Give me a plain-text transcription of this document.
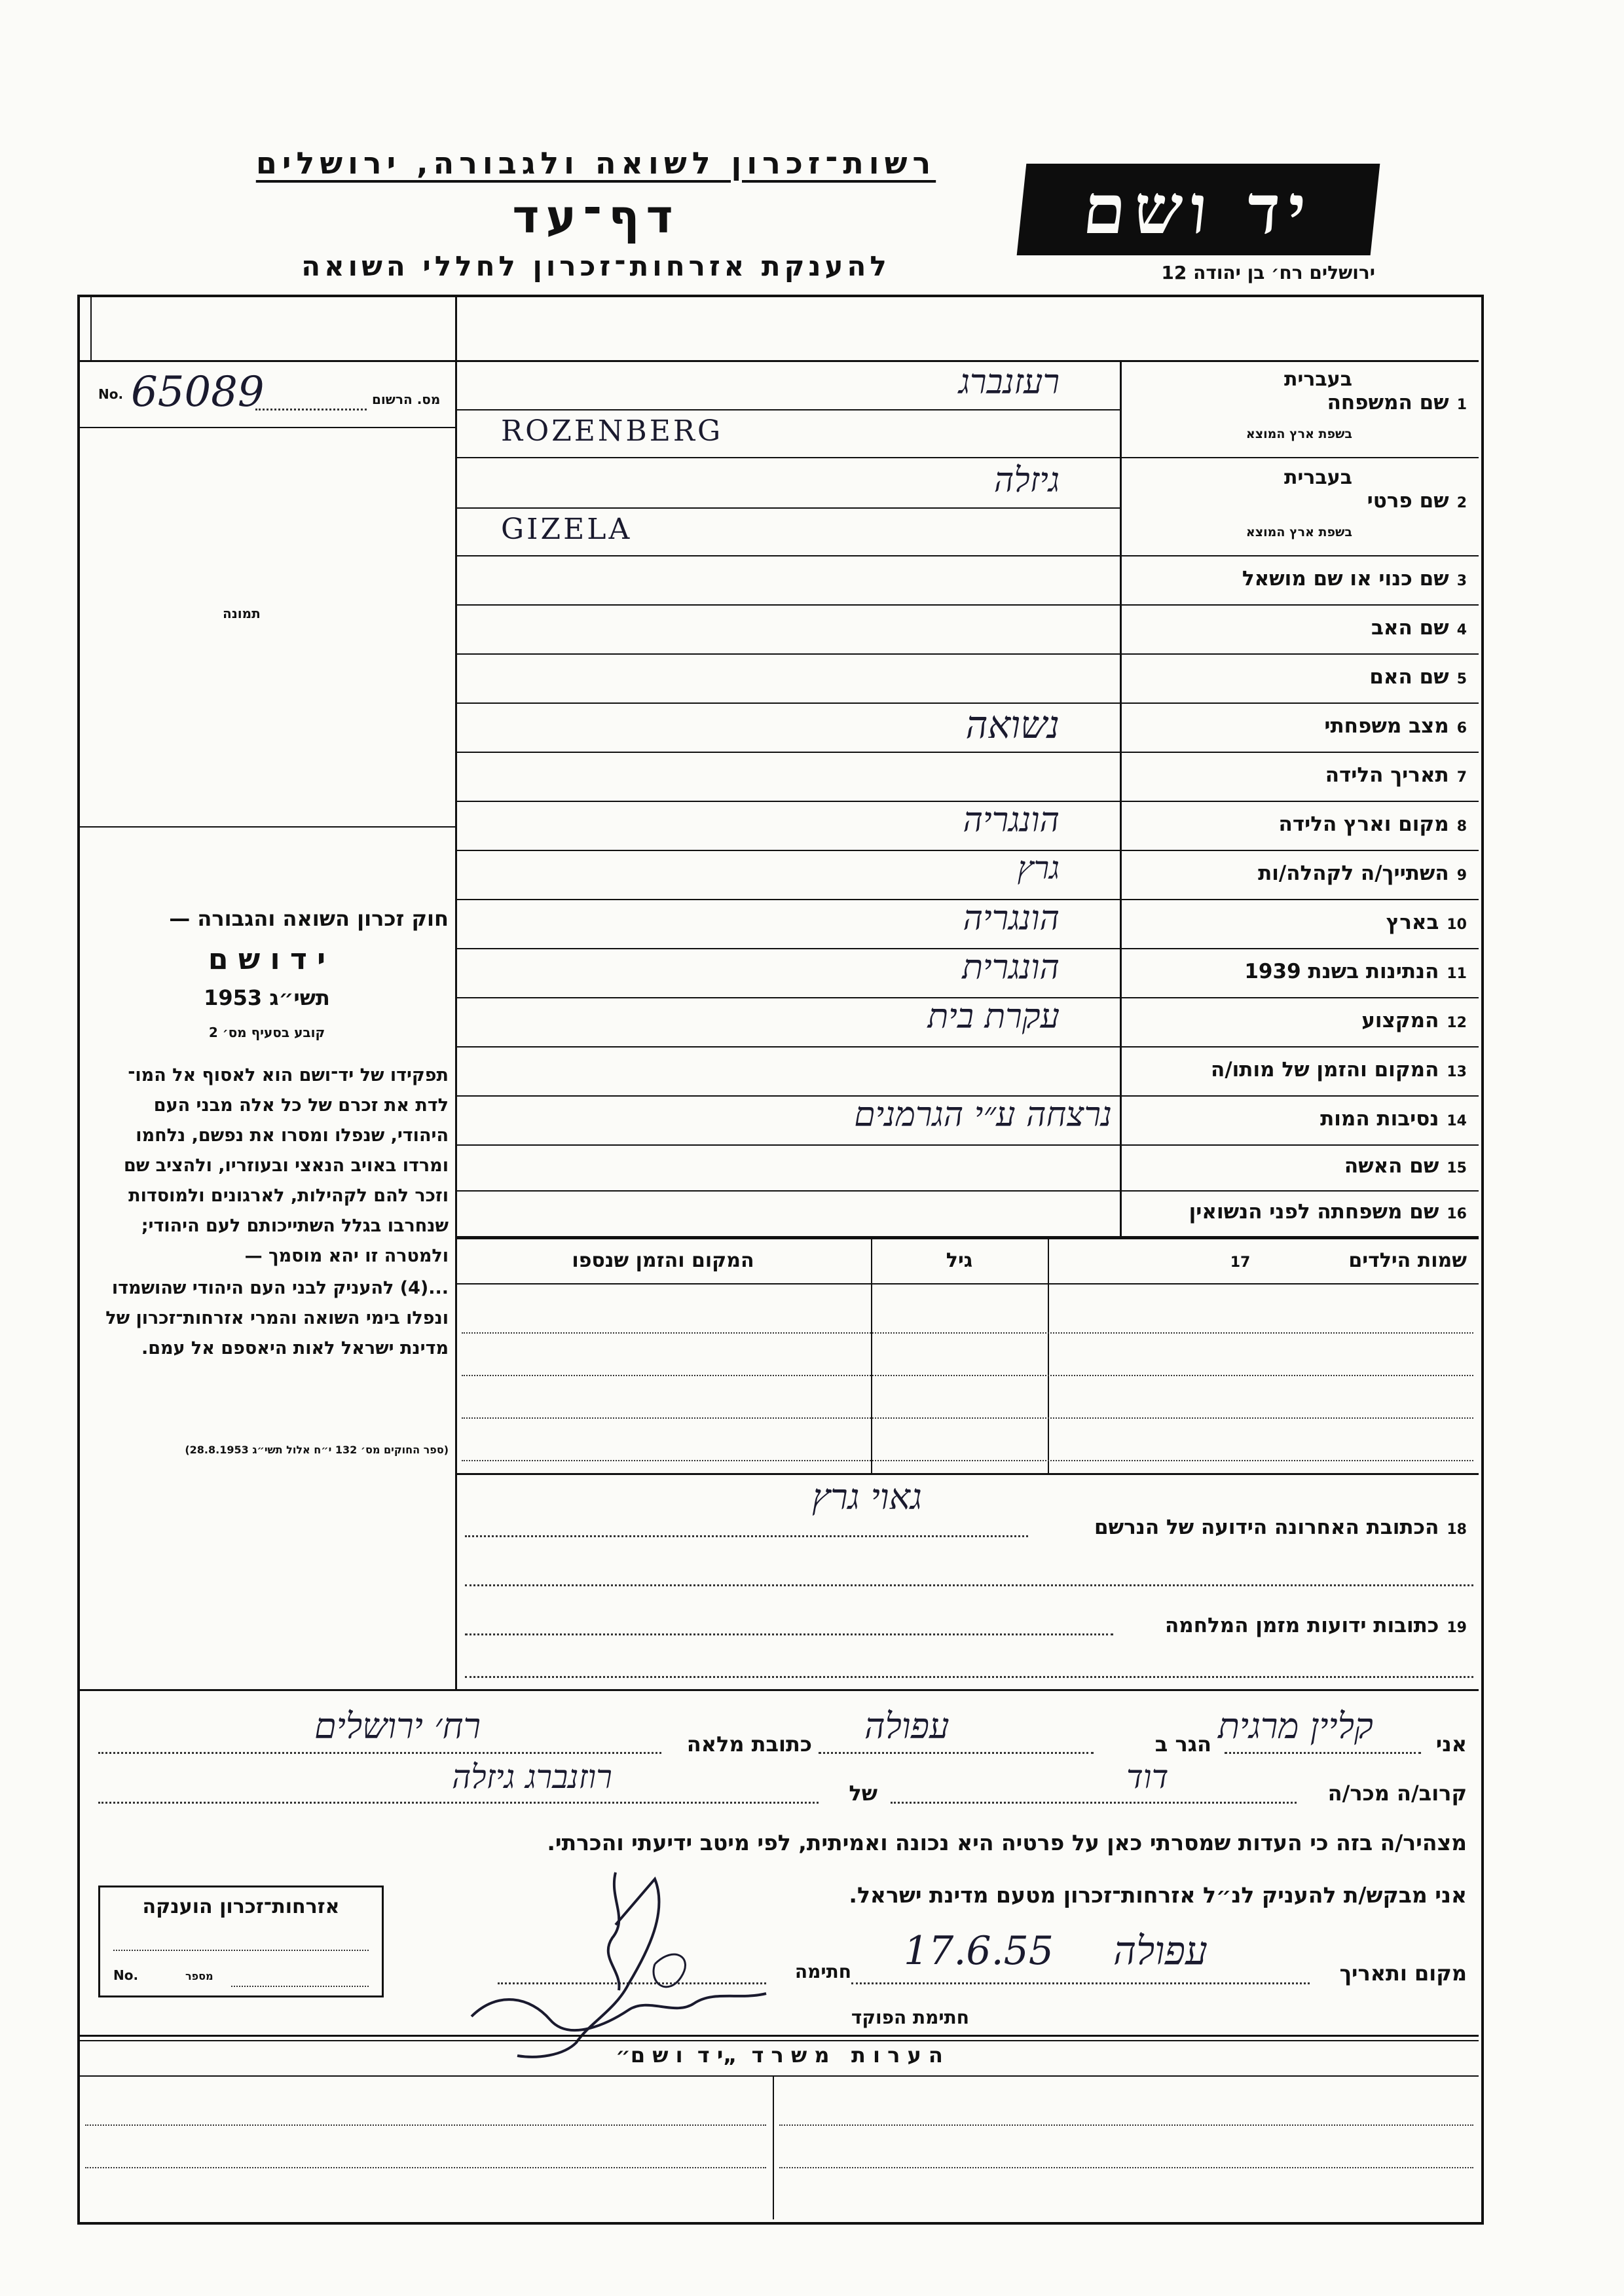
רשות־זכרון לשואה ולגבורה, ירושלים
דף־עד
להענקת אזרחות־זכרון לחללי השואה
יד ושם
ירושלים רח׳ בן יהודה 12
No. 65089	מס. הרשום
תמונה
חוק זכרון השואה והגבורה —
י ד ו ש ם
תשי״ג 1953
קובע בסעיף מס׳ 2
תפקידו של יד־ושם הוא לאסוף אל המו־ לדת את זכרם של כל אלה מבני העם היהודי, שנפלו ומסרו את נפשם, נלחמו ומרדו באויב הנאצי ובעוזריו, ולהציב שם וזכר להם לקהילות, לארגונים ולמוסדות שנחרבו בגלל השתייכותם לעם היהודי; ולמטרה זו יהא מוסמך —
...(4) להעניק לבני העם היהודי שהושמדו ונפלו בימי השואה והמרי אזרחות־זכרון של מדינת ישראל לאות היאספם אל עמם.
(ספר החוקים מס׳ 132 י״ח אלול תשי״ג 28.8.1953)
1שם המשפחה
בעברית
בשפת ארץ המוצא
ROZENBERG
רעזנברג
2שם פרטי
בעברית
בשפת ארץ המוצא
GIZELA
גיזלה
3שם כנוי או שם מושאל
4שם האב
5שם האם
6מצב משפחתי
נשואה
7תאריך הלידה
8מקום וארץ הלידה
הונגריה
9השתייך/ה לקהלה/ות
גרץ
10בארץ
הונגריה
11הנתינות בשנת 1939
הונגרית
12המקצוע
עקרת בית
13המקום והזמן של מותו/ה
14נסיבות המות
נרצחה ע״י הגרמנים
15שם האשה
16שם משפחתה לפני הנשואין
שמות הילדים17
גיל
המקום והזמן שנספו
18הכתובת האחרונה הידועה של הנרשם
גאוי גרץ
19כתובות ידועות מזמן המלחמה
אני
קליין מרגית
הגר ב
עפולה
כתובת מלאה
רח׳ ירושלים
קרוב/ה מכר/ה
דוד
של
רוזנברג גיזלה
מצהיר/ה בזה כי העדות שמסרתי כאן על פרטיה היא נכונה ואמיתית, לפי מיטב ידיעתי והכרתי.
אני מבקש/ת להעניק לנ״ל אזרחות־זכרון מטעם מדינת ישראל.
מקום ותאריך
עפולה
17.6.55
חתימה
חתימת הפוקד
אזרחות־זכרון הוענקה
No.	מספר
ה ע ר ו ת   מ ש ר ד  „י ד  ו ש ם״
